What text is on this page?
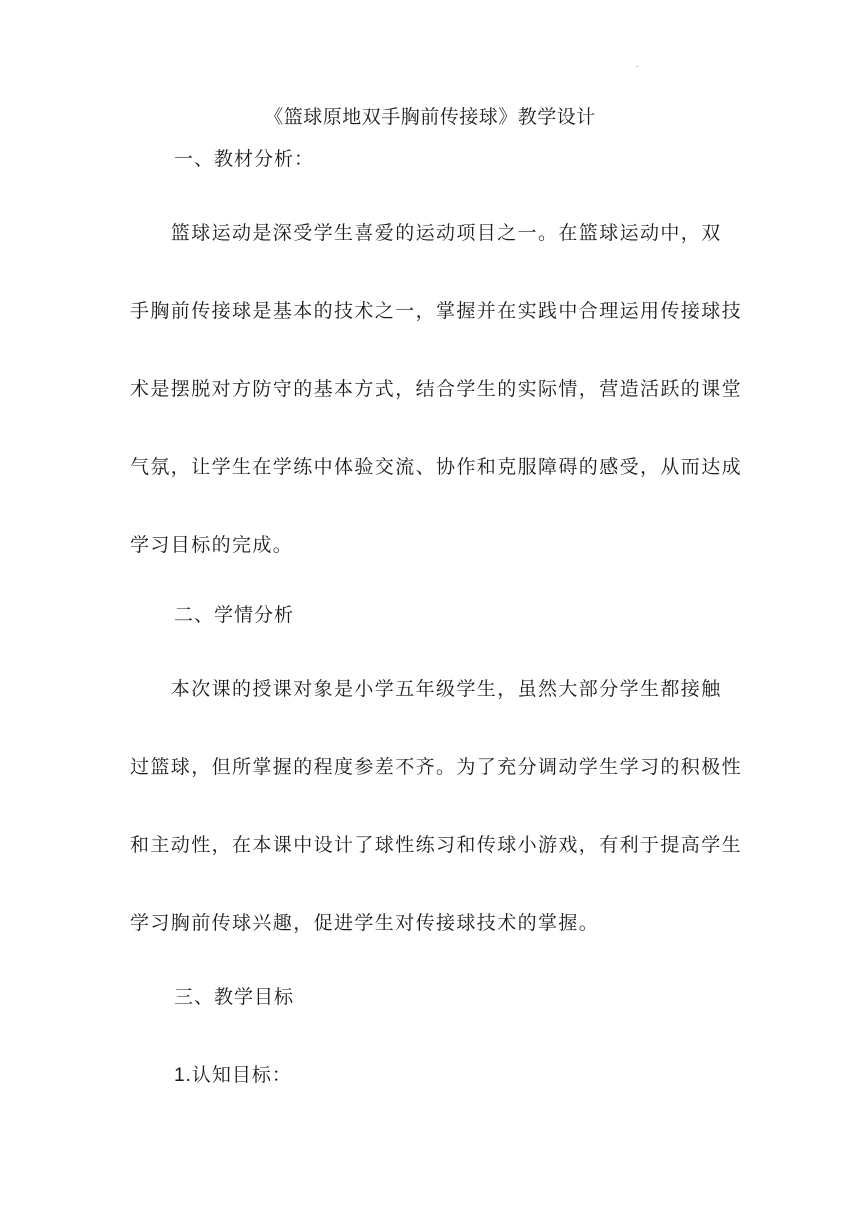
.
《篮球原地双手胸前传接球》教学设计
一、教材分析：
　　篮球运动是深受学生喜爱的运动项目之一。在篮球运动中，双
手胸前传接球是基本的技术之一，掌握并在实践中合理运用传接球技
术是摆脱对方防守的基本方式，结合学生的实际情，营造活跃的课堂
气氛，让学生在学练中体验交流、协作和克服障碍的感受，从而达成
学习目标的完成。
二、学情分析
　　本次课的授课对象是小学五年级学生，虽然大部分学生都接触
过篮球，但所掌握的程度参差不齐。为了充分调动学生学习的积极性
和主动性，在本课中设计了球性练习和传球小游戏，有利于提高学生
学习胸前传球兴趣，促进学生对传接球技术的掌握。
三、教学目标
1.认知目标：
